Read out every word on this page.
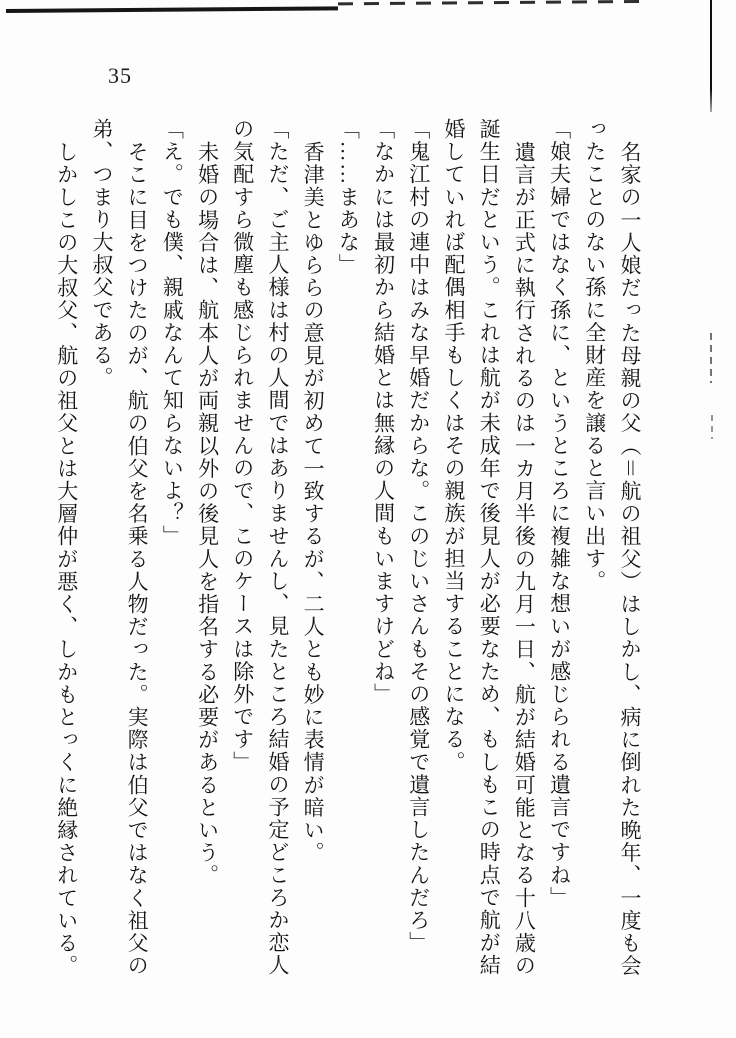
35

名家の一人娘だった母親の父（＝航の祖父）はしかし、病に倒れた晩年、一度も会ったことのない孫に全財産を譲ると言い出す。

「娘夫婦ではなく孫に、というところに複雑な想いが感じられる遺言ですね」

遺言が正式に執行されるのは一カ月半後の九月一日、航が結婚可能となる十八歳の誕生日だという。これは航が未成年で後見人が必要なため、もしもこの時点で航が結婚していれば配偶相手もしくはその親族が担当することになる。

「鬼江村の連中はみな早婚だからな。このじいさんもその感覚で遺言したんだろ」

「なかには最初から結婚とは無縁の人間もいますけどね」

「……まあな」

香津美とゆららの意見が初めて一致するが、二人とも妙に表情が暗い。

「ただ、ご主人様は村の人間ではありませんし、見たところ結婚の予定どころか恋人の気配すら微塵も感じられませんので、このケースは除外です」

未婚の場合は、航本人が両親以外の後見人を指名する必要があるという。

「え。でも僕、親戚なんて知らないよ？」

そこに目をつけたのが、航の伯父を名乗る人物だった。実際は伯父ではなく祖父の弟、つまり大叔父である。

しかしこの大叔父、航の祖父とは大層仲が悪く、しかもとっくに絶縁されている。
